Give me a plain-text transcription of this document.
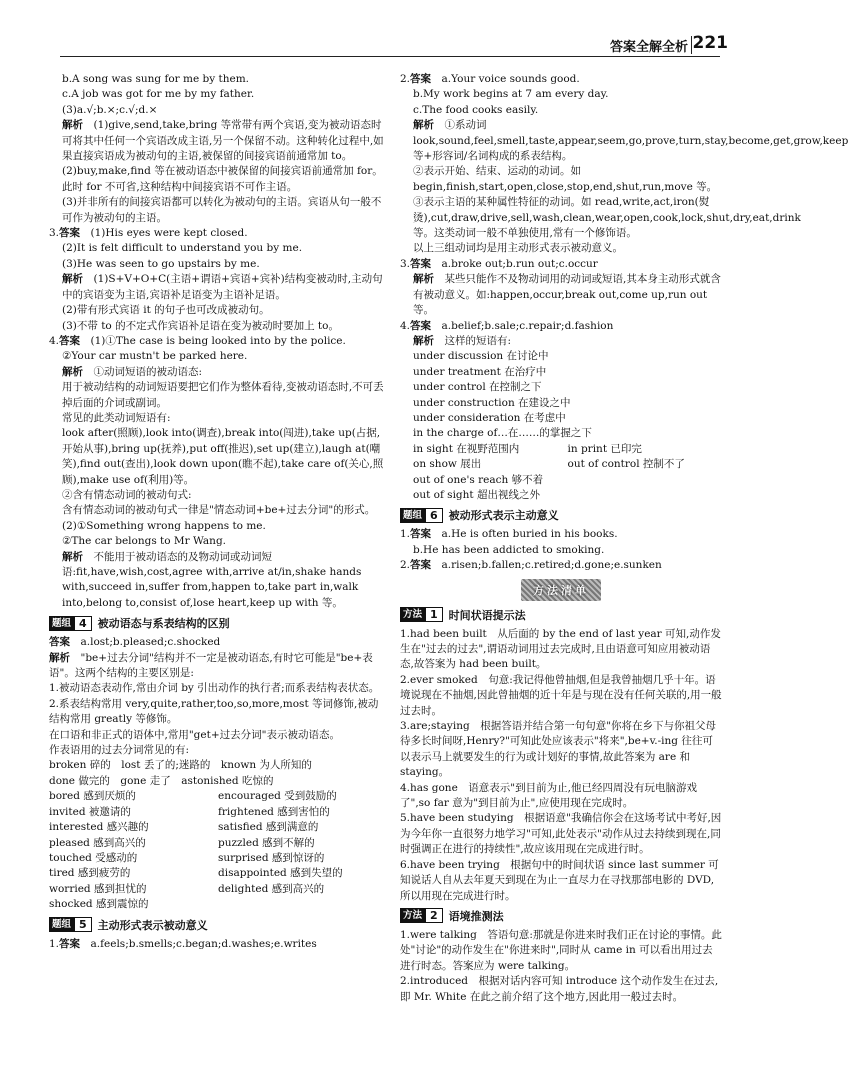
答案全解全析 221

b.A song was sung for me by them.

c.A job was got for me by my father.

(3)a.√;b.×;c.√;d.×

解析　(1)give,send,take,bring 等常带有两个宾语,变为被动语态时可将其中任何一个宾语改成主语,另一个保留不动。这种转化过程中,如果直接宾语成为被动句的主语,被保留的间接宾语前通常加 to。

(2)buy,make,find 等在被动语态中被保留的间接宾语前通常加 for。此时 for 不可省,这种结构中间接宾语不可作主语。

(3)并非所有的间接宾语都可以转化为被动句的主语。宾语从句一般不可作为被动句的主语。

3.答案　(1)His eyes were kept closed.

(2)It is felt difficult to understand you by me.

(3)He was seen to go upstairs by me.

解析　(1)S+V+O+C(主语+谓语+宾语+宾补)结构变被动时,主动句中的宾语变为主语,宾语补足语变为主语补足语。

(2)带有形式宾语 it 的句子也可改成被动句。

(3)不带 to 的不定式作宾语补足语在变为被动时要加上 to。

4.答案　(1)①The case is being looked into by the police.

②Your car mustn't be parked here.

解析　①动词短语的被动语态:

用于被动结构的动词短语要把它们作为整体看待,变被动语态时,不可丢掉后面的介词或副词。

常见的此类动词短语有:

look after(照顾),look into(调查),break into(闯进),take up(占据,开始从事),bring up(抚养),put off(推迟),set up(建立),laugh at(嘲笑),find out(查出),look down upon(瞧不起),take care of(关心,照顾),make use of(利用)等。

②含有情态动词的被动句式:

含有情态动词的被动句式一律是"情态动词+be+过去分词"的形式。

(2)①Something wrong happens to me.

②The car belongs to Mr Wang.

解析　不能用于被动语态的及物动词或动词短语:fit,have,wish,cost,agree with,arrive at/in,shake hands with,succeed in,suffer from,happen to,take part in,walk into,belong to,consist of,lose heart,keep up with 等。

题组 4	被动语态与系表结构的区别

答案　a.lost;b.pleased;c.shocked

解析　"be+过去分词"结构并不一定是被动语态,有时它可能是"be+表语"。这两个结构的主要区别是:

1.被动语态表动作,常由介词 by 引出动作的执行者;而系表结构表状态。

2.系表结构常用 very,quite,rather,too,so,more,most 等词修饰,被动结构常用 greatly 等修饰。

在口语和非正式的语体中,常用"get+过去分词"表示被动语态。

作表语用的过去分词常见的有:

broken 碎的　lost 丢了的;迷路的　known 为人所知的
done 做完的　gone 走了　astonished 吃惊的
bored 感到厌烦的	encouraged 受到鼓励的
invited 被邀请的	frightened 感到害怕的
interested 感兴趣的	satisfied 感到满意的
pleased 感到高兴的	puzzled 感到不解的
touched 受感动的	surprised 感到惊讶的
tired 感到疲劳的	disappointed 感到失望的
worried 感到担忧的	delighted 感到高兴的
shocked 感到震惊的
题组 5	主动形式表示被动意义

1.答案　a.feels;b.smells;c.began;d.washes;e.writes

2.答案　a.Your voice sounds good.

b.My work begins at 7 am every day.

c.The food cooks easily.

解析　①系动词 look,sound,feel,smell,taste,appear,seem,go,prove,turn,stay,become,get,grow,keep 等+形容词/名词构成的系表结构。

②表示开始、结束、运动的动词。如 begin,finish,start,open,close,stop,end,shut,run,move 等。

③表示主语的某种属性特征的动词。如 read,write,act,iron(熨烫),cut,draw,drive,sell,wash,clean,wear,open,cook,lock,shut,dry,eat,drink 等。这类动词一般不单独使用,常有一个修饰语。

以上三组动词均是用主动形式表示被动意义。

3.答案　a.broke out;b.run out;c.occur

解析　某些只能作不及物动词用的动词或短语,其本身主动形式就含有被动意义。如:happen,occur,break out,come up,run out 等。

4.答案　a.belief;b.sale;c.repair;d.fashion

解析　这样的短语有:

under discussion 在讨论中

under treatment 在治疗中

under control 在控制之下

under construction 在建设之中

under consideration 在考虑中

in the charge of…在……的掌握之下

in sight 在视野范围内	in print 已印完
on show 展出	out of control 控制不了

out of one's reach 够不着

out of sight 超出视线之外

题组 6	被动形式表示主动意义

1.答案　a.He is often buried in his books.

b.He has been addicted to smoking.

2.答案　a.risen;b.fallen;c.retired;d.gone;e.sunken

方法清单
方法 1	时间状语提示法

1.had been built　从后面的 by the end of last year 可知,动作发生在"过去的过去",谓语动词用过去完成时,且由语意可知应用被动语态,故答案为 had been built。

2.ever smoked　句意:我记得他曾抽烟,但是我曾抽烟几乎十年。语境说现在不抽烟,因此曾抽烟的近十年是与现在没有任何关联的,用一般过去时。

3.are;staying　根据答语并结合第一句句意"你将在乡下与你祖父母待多长时间呀,Henry?"可知此处应该表示"将来",be+v.-ing 往往可以表示马上就要发生的行为或计划好的事情,故此答案为 are 和 staying。

4.has gone　语意表示"到目前为止,他已经四周没有玩电脑游戏了",so far 意为"到目前为止",应使用现在完成时。

5.have been studying　根据语意"我确信你会在这场考试中考好,因为今年你一直很努力地学习"可知,此处表示"动作从过去持续到现在,同时强调正在进行的持续性",故应该用现在完成进行时。

6.have been trying　根据句中的时间状语 since last summer 可知说话人自从去年夏天到现在为止一直尽力在寻找那部电影的 DVD,所以用现在完成进行时。

方法 2	语境推测法

1.were talking　答语句意:那就是你进来时我们正在讨论的事情。此处"讨论"的动作发生在"你进来时",同时从 came in 可以看出用过去进行时态。答案应为 were talking。

2.introduced　根据对话内容可知 introduce 这个动作发生在过去,即 Mr. White 在此之前介绍了这个地方,因此用一般过去时。
